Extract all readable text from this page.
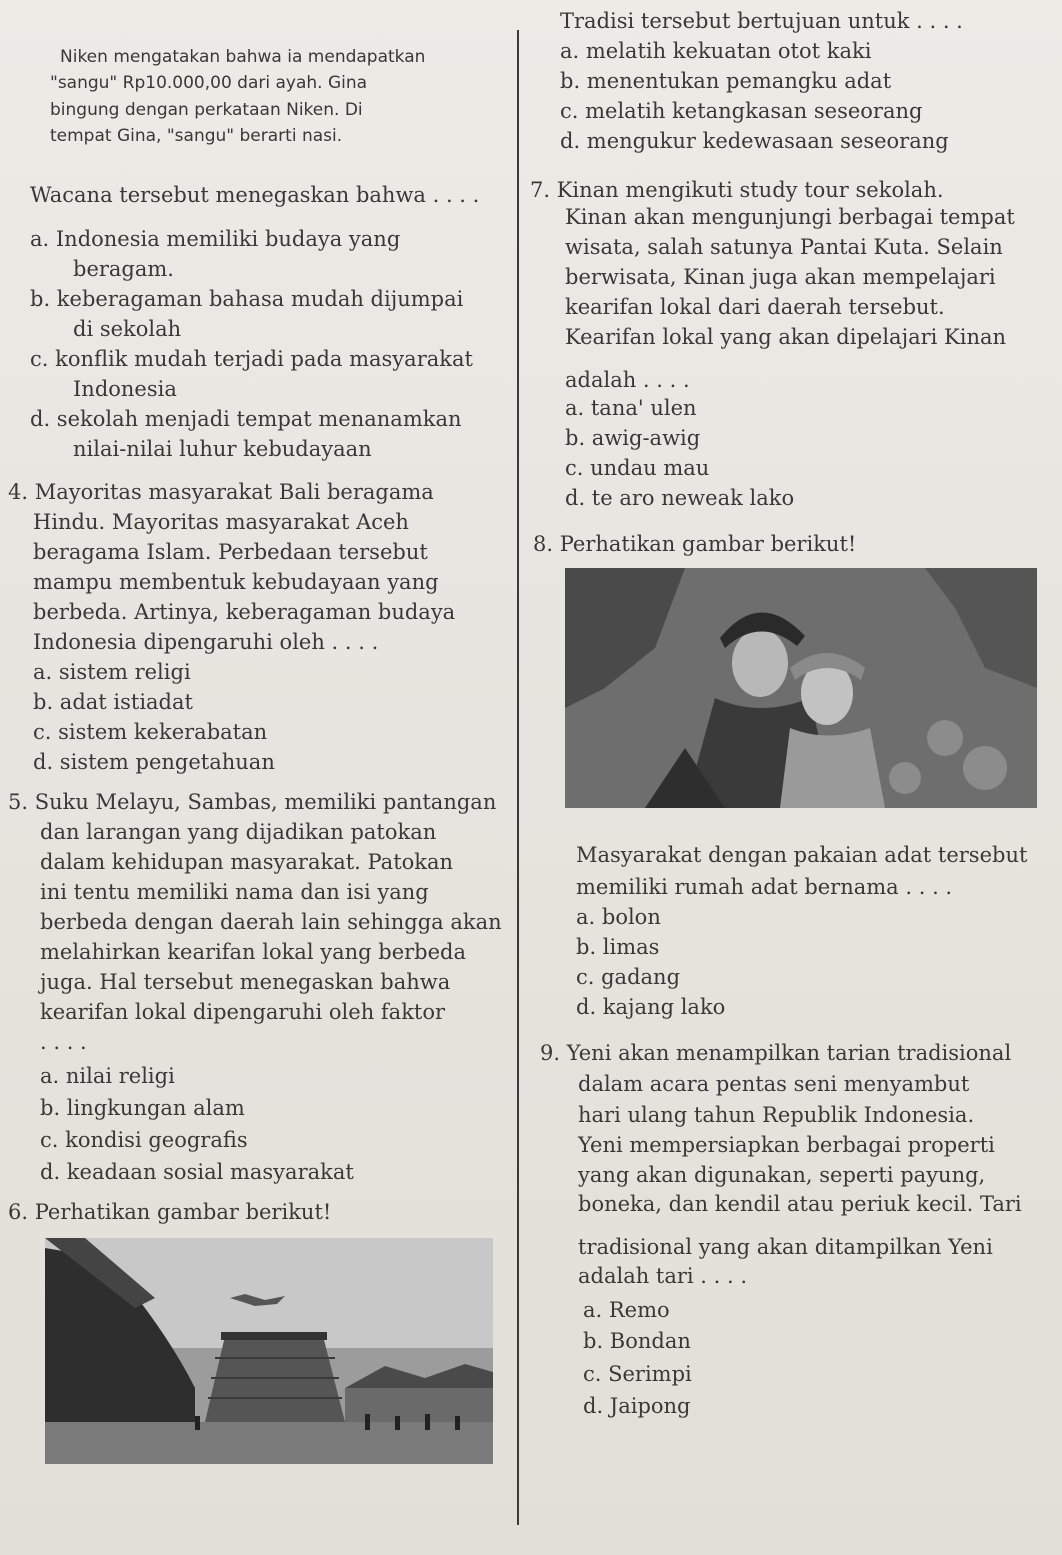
Niken mengatakan bahwa ia mendapatkan
"sangu" Rp10.000,00 dari ayah. Gina
bingung dengan perkataan Niken. Di
tempat Gina, "sangu" berarti nasi.
Wacana tersebut menegaskan bahwa . . . .
a. Indonesia memiliki budaya yang
beragam.
b. keberagaman bahasa mudah dijumpai
di sekolah
c. konflik mudah terjadi pada masyarakat
Indonesia
d. sekolah menjadi tempat menanamkan
nilai-nilai luhur kebudayaan
4. Mayoritas masyarakat Bali beragama
Hindu. Mayoritas masyarakat Aceh
beragama Islam. Perbedaan tersebut
mampu membentuk kebudayaan yang
berbeda. Artinya, keberagaman budaya
Indonesia dipengaruhi oleh . . . .
a. sistem religi
b. adat istiadat
c. sistem kekerabatan
d. sistem pengetahuan
5. Suku Melayu, Sambas, memiliki pantangan
dan larangan yang dijadikan patokan
dalam kehidupan masyarakat. Patokan
ini tentu memiliki nama dan isi yang
berbeda dengan daerah lain sehingga akan
melahirkan kearifan lokal yang berbeda
juga. Hal tersebut menegaskan bahwa
kearifan lokal dipengaruhi oleh faktor
. . . .
a. nilai religi
b. lingkungan alam
c. kondisi geografis
d. keadaan sosial masyarakat
6. Perhatikan gambar berikut!
Tradisi tersebut bertujuan untuk . . . .
a. melatih kekuatan otot kaki
b. menentukan pemangku adat
c. melatih ketangkasan seseorang
d. mengukur kedewasaan seseorang
7. Kinan mengikuti study tour sekolah.
Kinan akan mengunjungi berbagai tempat
wisata, salah satunya Pantai Kuta. Selain
berwisata, Kinan juga akan mempelajari
kearifan lokal dari daerah tersebut.
Kearifan lokal yang akan dipelajari Kinan
adalah . . . .
a. tana' ulen
b. awig-awig
c. undau mau
d. te aro neweak lako
8. Perhatikan gambar berikut!
Masyarakat dengan pakaian adat tersebut
memiliki rumah adat bernama . . . .
a. bolon
b. limas
c. gadang
d. kajang lako
9. Yeni akan menampilkan tarian tradisional
dalam acara pentas seni menyambut
hari ulang tahun Republik Indonesia.
Yeni mempersiapkan berbagai properti
yang akan digunakan, seperti payung,
boneka, dan kendil atau periuk kecil. Tari
tradisional yang akan ditampilkan Yeni
adalah tari . . . .
a. Remo
b. Bondan
c. Serimpi
d. Jaipong
